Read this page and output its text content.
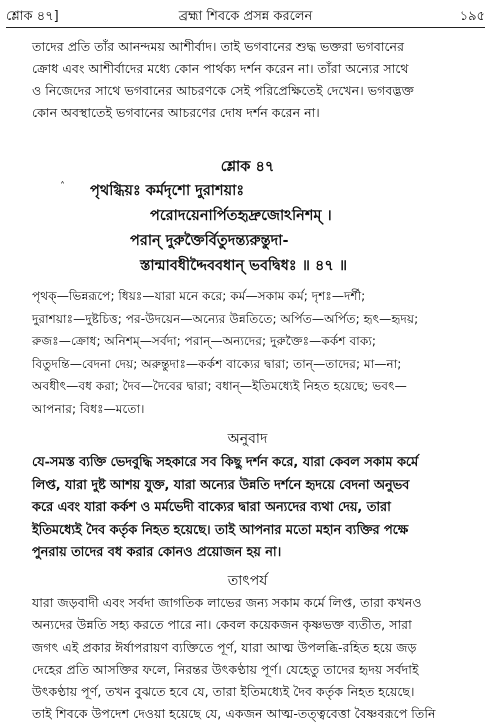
শ্লোক ৪৭]	ব্রহ্মা শিবকে প্রসন্ন করলেন	১৯৫
তাদের প্রতি তাঁর আনন্দময় আশীর্বাদ। তাই ভগবানের শুদ্ধ ভক্তরা ভগবানের
ক্রোধ এবং আশীর্বাদের মধ্যে কোন পার্থক্য দর্শন করেন না। তাঁরা অন্যের সাথে
ও নিজেদের সাথে ভগবানের আচরণকে সেই পরিপ্রেক্ষিতেই দেখেন। ভগবদ্ভক্ত
কোন অবস্থাতেই ভগবানের আচরণের দোষ দর্শন করেন না।
শ্লোক ৪৭
˄ পৃথগ্ধিয়ঃ কর্মদৃশো দুরাশয়াঃ
পরোদয়েনার্পিতহৃদ্রুজোঽনিশম্ ।
পরান্ দুরুক্তৈর্বিতুদন্ত্যরুন্তুদা-
স্তান্মাবধীদ্দৈববধান্ ভবদ্বিধঃ ॥ ৪৭ ॥
পৃথক্—ভিন্নরূপে; ধিয়ঃ—যারা মনে করে; কর্ম—সকাম কর্ম; দৃশঃ—দর্শী;
দুরাশয়াঃ—দুষ্টচিত্ত; পর-উদয়েন—অন্যের উন্নতিতে; অর্পিত—অর্পিত; হৃৎ—হৃদয়;
রুজঃ—ক্রোধ; অনিশম্—সর্বদা; পরান্—অন্যদের; দুরুক্তৈঃ—কর্কশ বাক্য;
বিতুদন্তি—বেদনা দেয়; অরুন্তুদাঃ—কর্কশ বাক্যের দ্বারা; তান্—তাদের; মা—না;
অবধীৎ—বধ করা; দৈব—দৈবের দ্বারা; বধান্—ইতিমধ্যেই নিহত হয়েছে; ভবৎ—
আপনার; বিধঃ—মতো।
অনুবাদ
যে-সমস্ত ব্যক্তি ভেদবুদ্ধি সহকারে সব কিছু দর্শন করে, যারা কেবল সকাম কর্মে
লিপ্ত, যারা দুষ্ট আশয় যুক্ত, যারা অন্যের উন্নতি দর্শনে হৃদয়ে বেদনা অনুভব
করে এবং যারা কর্কশ ও মর্মভেদী বাক্যের দ্বারা অন্যদের ব্যথা দেয়, তারা
ইতিমধ্যেই দৈব কর্তৃক নিহত হয়েছে। তাই আপনার মতো মহান ব্যক্তির পক্ষে
পুনরায় তাদের বধ করার কোনও প্রয়োজন হয় না।
তাৎপর্য
যারা জড়বাদী এবং সর্বদা জাগতিক লাভের জন্য সকাম কর্মে লিপ্ত, তারা কখনও
অন্যদের উন্নতি সহ্য করতে পারে না। কেবল কয়েকজন কৃষ্ণভক্ত ব্যতীত, সারা
জগৎ এই প্রকার ঈর্ষাপরায়ণ ব্যক্তিতে পূর্ণ, যারা আত্ম উপলব্ধি-রহিত হয়ে জড়
দেহের প্রতি আসক্তির ফলে, নিরন্তর উৎকণ্ঠায় পূর্ণ। যেহেতু তাদের হৃদয় সর্বদাই
উৎকণ্ঠায় পূর্ণ, তখন বুঝতে হবে যে, তারা ইতিমধ্যেই দৈব কর্তৃক নিহত হয়েছে।
তাই শিবকে উপদেশ দেওয়া হয়েছে যে, একজন আত্ম-তত্ত্ববেত্তা বৈষ্ণবরূপে তিনি
